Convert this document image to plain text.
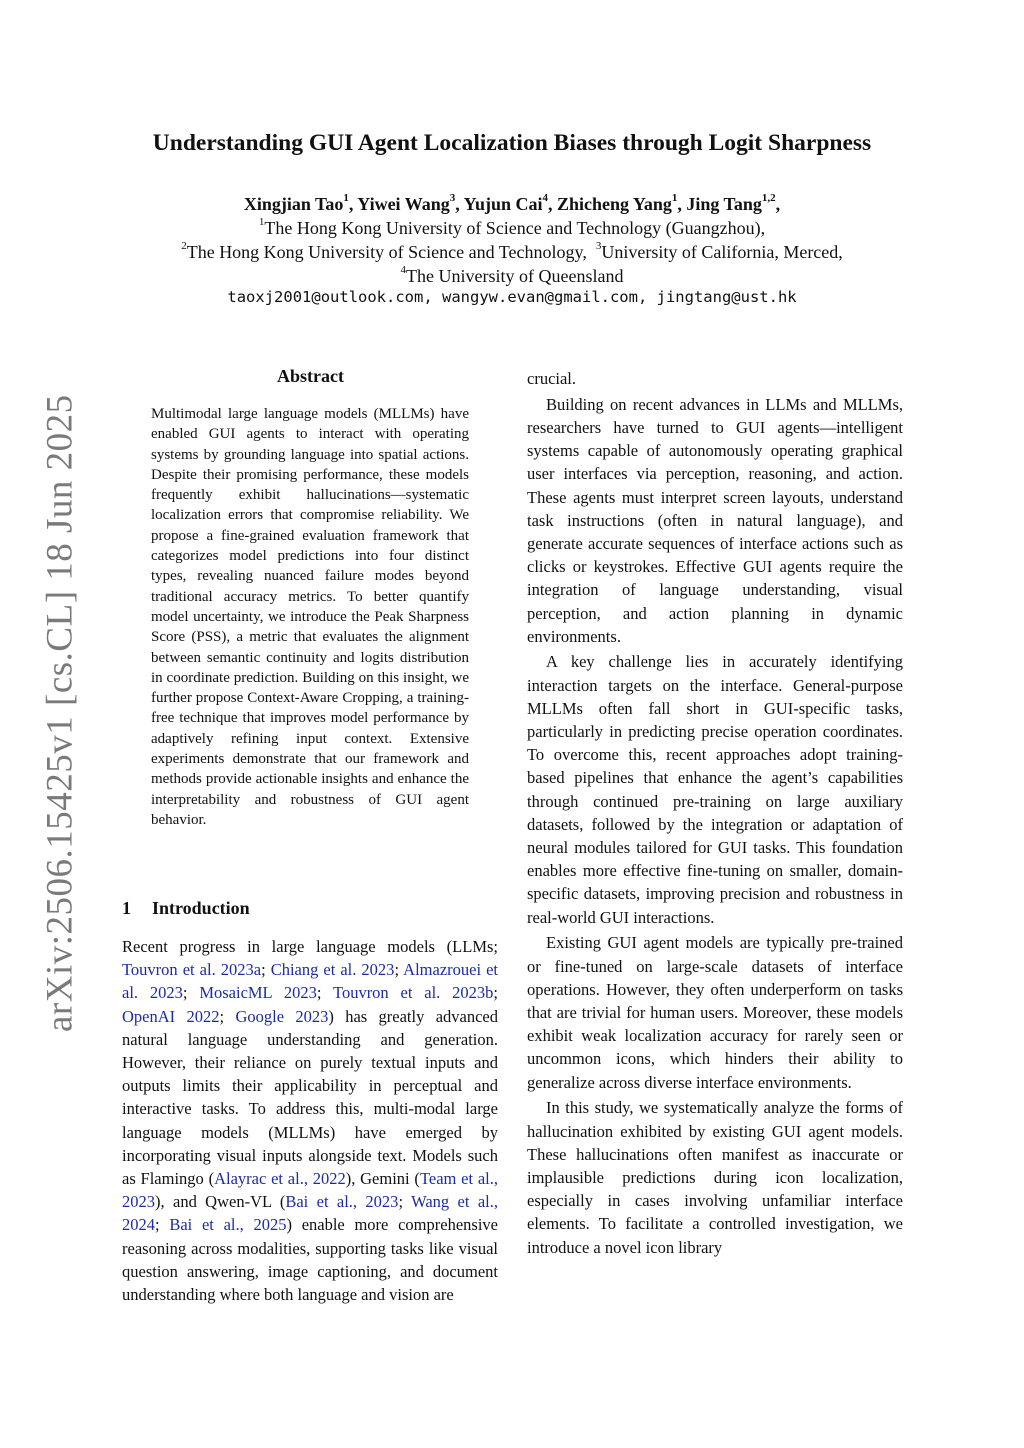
arXiv:2506.15425v1 [cs.CL] 18 Jun 2025
Understanding GUI Agent Localization Biases through Logit Sharpness
Xingjian Tao$^1$, Yiwei Wang$^3$, Yujun Cai$^4$, Zhicheng Yang$^1$, Jing Tang$^{1,2}$,
$^1$The Hong Kong University of Science and Technology (Guangzhou),
$^2$The Hong Kong University of Science and Technology, $^3$University of California, Merced,
$^4$The University of Queensland
taoxj2001@outlook.com, wangyw.evan@gmail.com, jingtang@ust.hk
Abstract
Multimodal large language models (MLLMs) have enabled GUI agents to interact with operating systems by grounding language into spatial actions. Despite their promising performance, these models frequently exhibit hallucinations—systematic localization errors that compromise reliability. We propose a fine-grained evaluation framework that categorizes model predictions into four distinct types, revealing nuanced failure modes beyond traditional accuracy metrics. To better quantify model uncertainty, we introduce the Peak Sharpness Score (PSS), a metric that evaluates the alignment between semantic continuity and logits distribution in coordinate prediction. Building on this insight, we further propose Context-Aware Cropping, a training-free technique that improves model performance by adaptively refining input context. Extensive experiments demonstrate that our framework and methods provide actionable insights and enhance the interpretability and robustness of GUI agent behavior.
1 Introduction

Recent progress in large language models (LLMs; Touvron et al. 2023a; Chiang et al. 2023; Almazrouei et al. 2023; MosaicML 2023; Touvron et al. 2023b; OpenAI 2022; Google 2023) has greatly advanced natural language understanding and generation. However, their reliance on purely textual inputs and outputs limits their applicability in perceptual and interactive tasks. To address this, multi-modal large language models (MLLMs) have emerged by incorporating visual inputs alongside text. Models such as Flamingo (Alayrac et al., 2022), Gemini (Team et al., 2023), and Qwen-VL (Bai et al., 2023; Wang et al., 2024; Bai et al., 2025) enable more comprehensive reasoning across modalities, supporting tasks like visual question answering, image captioning, and document understanding where both language and vision are

crucial.

Building on recent advances in LLMs and MLLMs, researchers have turned to GUI agents—intelligent systems capable of autonomously operating graphical user interfaces via perception, reasoning, and action. These agents must interpret screen layouts, understand task instructions (often in natural language), and generate accurate sequences of interface actions such as clicks or keystrokes. Effective GUI agents require the integration of language understanding, visual perception, and action planning in dynamic environments.

A key challenge lies in accurately identifying interaction targets on the interface. General-purpose MLLMs often fall short in GUI-specific tasks, particularly in predicting precise operation coordinates. To overcome this, recent approaches adopt training-based pipelines that enhance the agent’s capabilities through continued pre-training on large auxiliary datasets, followed by the integration or adaptation of neural modules tailored for GUI tasks. This foundation enables more effective fine-tuning on smaller, domain-specific datasets, improving precision and robustness in real-world GUI interactions.

Existing GUI agent models are typically pre-trained or fine-tuned on large-scale datasets of interface operations. However, they often underperform on tasks that are trivial for human users. Moreover, these models exhibit weak localization accuracy for rarely seen or uncommon icons, which hinders their ability to generalize across diverse interface environments.

In this study, we systematically analyze the forms of hallucination exhibited by existing GUI agent models. These hallucinations often manifest as inaccurate or implausible predictions during icon localization, especially in cases involving unfamiliar interface elements. To facilitate a controlled investigation, we introduce a novel icon library
